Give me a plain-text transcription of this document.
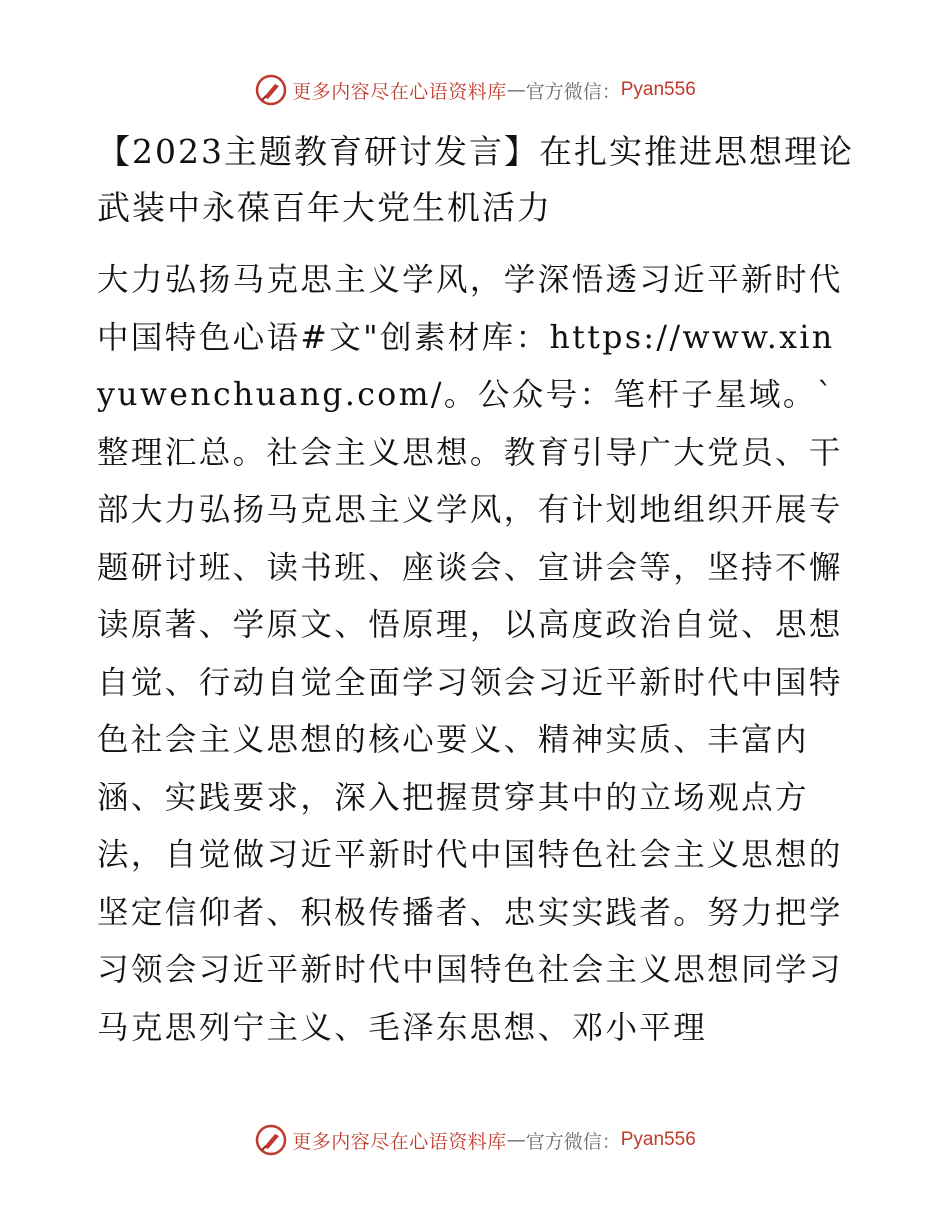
更多内容尽在心语资料库 — 官方微信： Pyan556
【2023主题教育研讨发言】在扎实推进思想理论武装中永葆百年大党生机活力

大力弘扬马克思主义学风，学深悟透习近平新时代中国特色心语#文"创素材库：https://www.xinyuwenchuang.com/。公众号：笔杆子星域。`整理汇总。社会主义思想。教育引导广大党员、干部大力弘扬马克思主义学风，有计划地组织开展专题研讨班、读书班、座谈会、宣讲会等，坚持不懈读原著、学原文、悟原理，以高度政治自觉、思想自觉、行动自觉全面学习领会习近平新时代中国特色社会主义思想的核心要义、精神实质、丰富内涵、实践要求，深入把握贯穿其中的立场观点方法，自觉做习近平新时代中国特色社会主义思想的坚定信仰者、积极传播者、忠实实践者。努力把学习领会习近平新时代中国特色社会主义思想同学习马克思列宁主义、毛泽东思想、邓小平理

更多内容尽在心语资料库 — 官方微信： Pyan556
